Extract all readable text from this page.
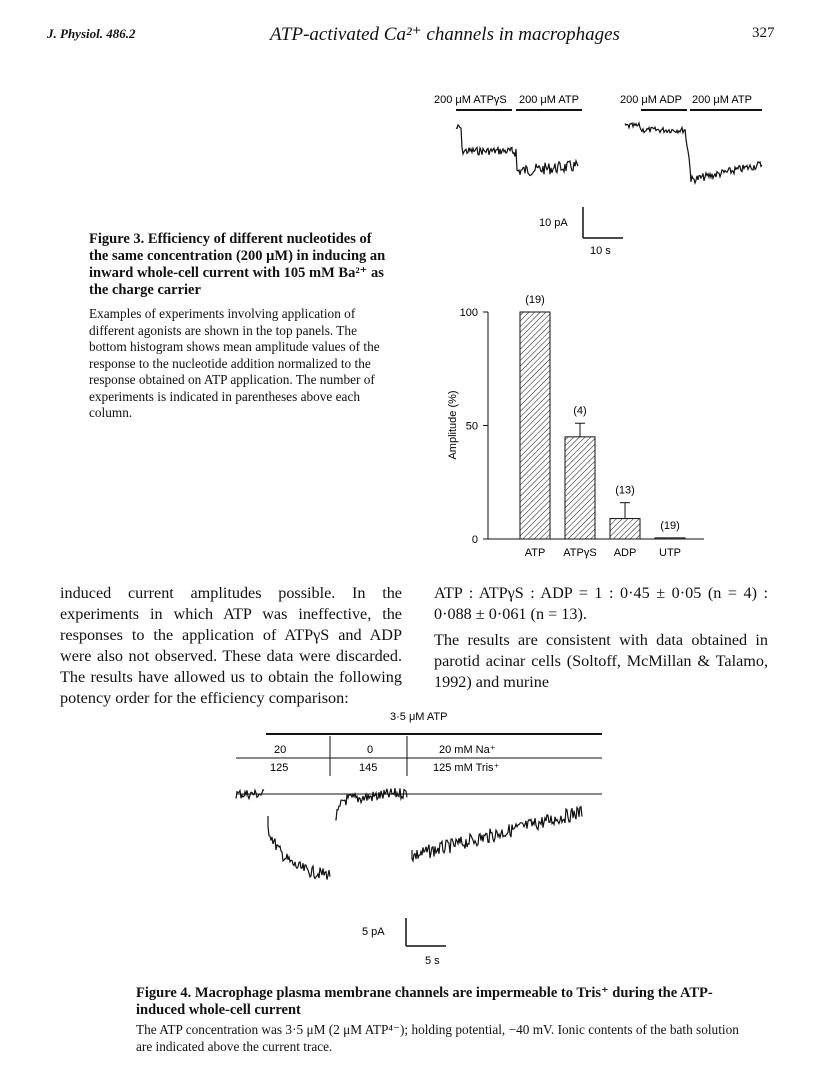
J. Physiol. 486.2	ATP-activated Ca²⁺ channels in macrophages	327
200 μM ATPγS 200 μM ATP	200 μM ADP 200 μM ATP
10 pA
10 s
Figure 3. Efficiency of different nucleotides of the same concentration (200 μM) in inducing an inward whole-cell current with 105 mM Ba²⁺ as the charge carrier
Examples of experiments involving application of different agonists are shown in the top panels. The bottom histogram shows mean amplitude values of the response to the nucleotide addition normalized to the response obtained on ATP application. The number of experiments is indicated in parentheses above each column.	Amplitude (%)
0
50
100
(19)
ATP
(4)
ATPγS
(13)
ADP
(19)
UTP
induced current amplitudes possible. In the experiments in which ATP was ineffective, the responses to the application of ATPγS and ADP were also not observed. These data were discarded. The results have allowed us to obtain the following potency order for the efficiency comparison:
ATP : ATPγS : ADP = 1 : 0·45 ± 0·05 (n = 4) : 0·088 ± 0·061 (n = 13).
The results are consistent with data obtained in parotid acinar cells (Soltoff, McMillan & Talamo, 1992) and murine
3·5 μM ATP
20	0	20 mM Na⁺
125	145	125 mM Tris⁺
5 pA
5 s
Figure 4. Macrophage plasma membrane channels are impermeable to Tris⁺ during the ATP-induced whole-cell current
The ATP concentration was 3·5 μM (2 μM ATP⁴⁻); holding potential, −40 mV. Ionic contents of the bath solution are indicated above the current trace.
